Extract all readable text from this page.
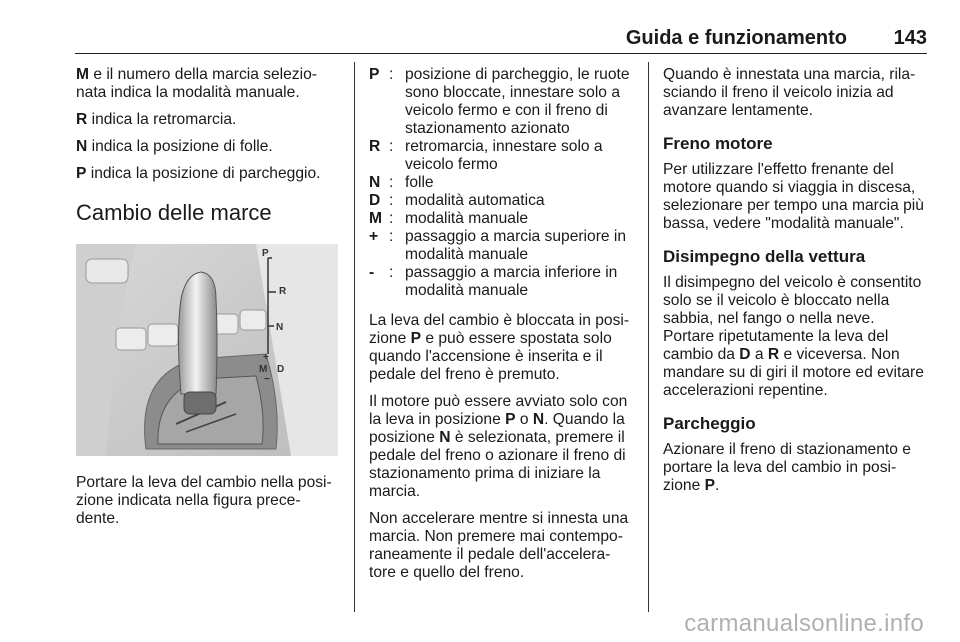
Guida e funzionamento 143

M e il numero della marcia selezio-nata indica la modalità manuale.

R indica la retromarcia.

N indica la posizione di folle.

P indica la posizione di parcheggio.

Cambio delle marce
P
R
N
+
M D
−

Portare la leva del cambio nella posi-zione indicata nella figura prece-dente.

P : posizione di parcheggio, le ruote sono bloccate, innestare solo a veicolo fermo e con il freno di stazionamento azionato
R : retromarcia, innestare solo a veicolo fermo
N : folle
D : modalità automatica
M : modalità manuale
+ : passaggio a marcia superiore in modalità manuale
- : passaggio a marcia inferiore in modalità manuale

La leva del cambio è bloccata in posi-zione P e può essere spostata solo quando l'accensione è inserita e il pedale del freno è premuto.

Il motore può essere avviato solo con la leva in posizione P o N. Quando la posizione N è selezionata, premere il pedale del freno o azionare il freno di stazionamento prima di iniziare la marcia.

Non accelerare mentre si innesta una marcia. Non premere mai contempo-raneamente il pedale dell'accelera-tore e quello del freno.

Quando è innestata una marcia, rila-sciando il freno il veicolo inizia ad avanzare lentamente.

Freno motore

Per utilizzare l'effetto frenante del motore quando si viaggia in discesa, selezionare per tempo una marcia più bassa, vedere "modalità manuale".

Disimpegno della vettura

Il disimpegno del veicolo è consentito solo se il veicolo è bloccato nella sabbia, nel fango o nella neve.

Portare ripetutamente la leva del cambio da D a R e viceversa. Non mandare su di giri il motore ed evitare accelerazioni repentine.

Parcheggio

Azionare il freno di stazionamento e portare la leva del cambio in posi-zione P.

carmanualsonline.info
